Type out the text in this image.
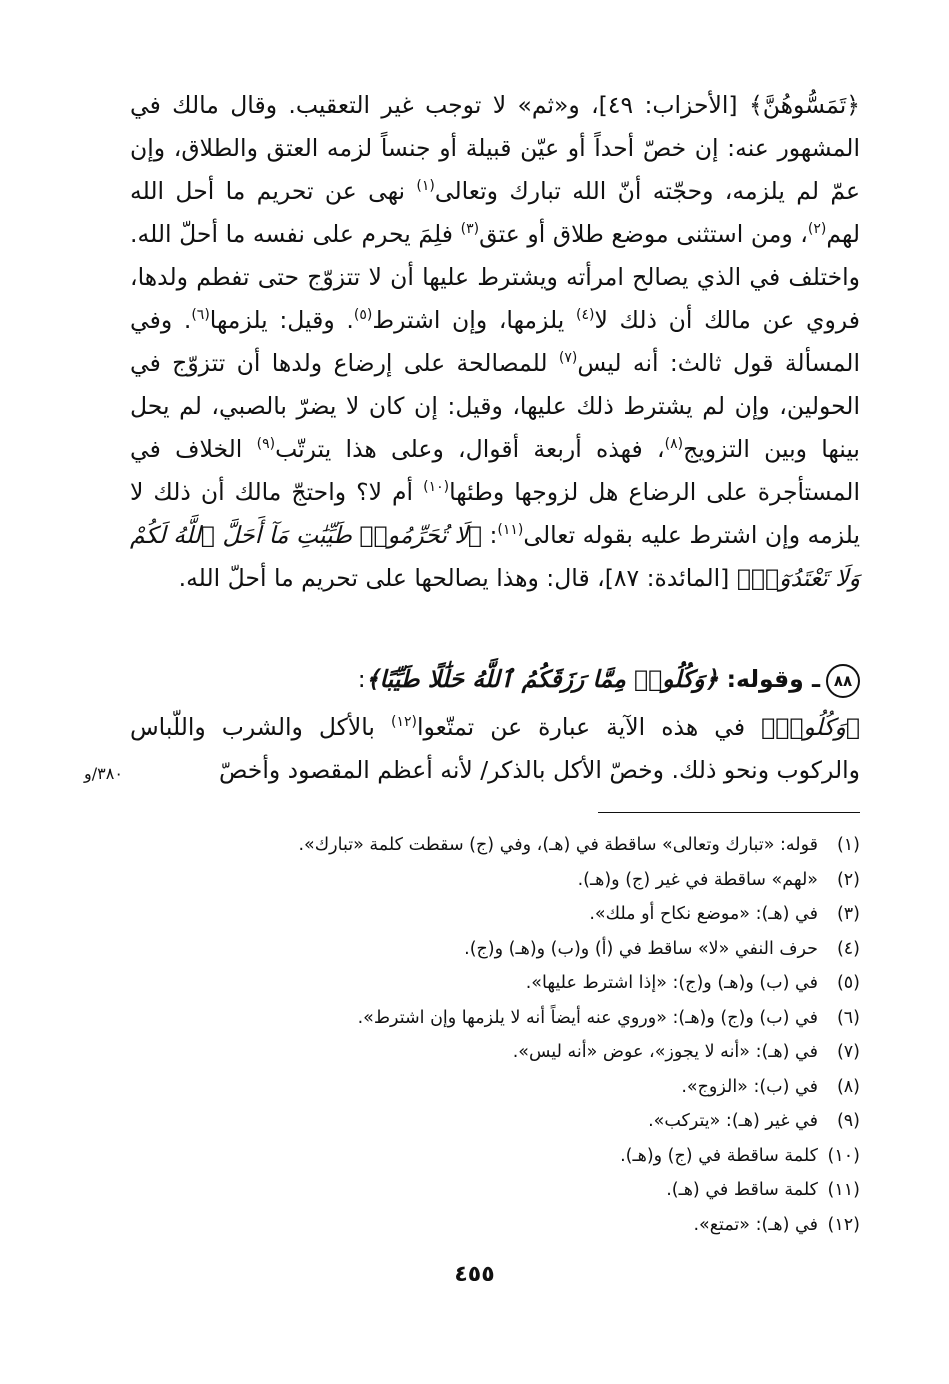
﴿تَمَسُّوهُنَّ﴾ [الأحزاب: ٤٩]، و«ثم» لا توجب غير التعقيب. وقال مالك في المشهور عنه: إن خصّ أحداً أو عيّن قبيلة أو جنساً لزمه العتق والطلاق، وإن عمّ لم يلزمه، وحجّته أنّ الله تبارك وتعالى$^{(١)}$ نهى عن تحريم ما أحل الله لهم$^{(٢)}$، ومن استثنى موضع طلاق أو عتق$^{(٣)}$ فلِمَ يحرم على نفسه ما أحلّ الله. واختلف في الذي يصالح امرأته ويشترط عليها أن لا تتزوّج حتى تفطم ولدها، فروي عن مالك أن ذلك لا$^{(٤)}$ يلزمها، وإن اشترط$^{(٥)}$. وقيل: يلزمها$^{(٦)}$. وفي المسألة قول ثالث: أنه ليس$^{(٧)}$ للمصالحة على إرضاع ولدها أن تتزوّج في الحولين، وإن لم يشترط ذلك عليها، وقيل: إن كان لا يضرّ بالصبي، لم يحل بينها وبين التزويج$^{(٨)}$، فهذه أربعة أقوال، وعلى هذا يترتّب$^{(٩)}$ الخلاف في المستأجرة على الرضاع هل لزوجها وطئها$^{(١٠)}$ أم لا؟ واحتجّ مالك أن ذلك لا يلزمه وإن اشترط عليه بقوله تعالى$^{(١١)}$: ﴿لَا تُحَرِّمُوا۟ طَيِّبَٰتِ مَآ أَحَلَّ ٱللَّهُ لَكُمْ وَلَا تَعْتَدُوٓا۟﴾ [المائدة: ٨٧]، قال: وهذا يصالحها على تحريم ما أحلّ الله.

٨٨ـ وقوله: ﴿وَكُلُوا۟ مِمَّا رَزَقَكُمُ ٱللَّهُ حَلَٰلًا طَيِّبًا﴾:
﴿وَكُلُوا۟﴾ في هذه الآية عبارة عن تمتّعوا$^{(١٢)}$ بالأكل والشرب واللّباس والركوب ونحو ذلك. وخصّ الأكل بالذكر/ لأنه أعظم المقصود وأخصّ
٣٨٠/و
(١)قوله: «تبارك وتعالى» ساقطة في (هـ)، وفي (ج) سقطت كلمة «تبارك».
(٢)«لهم» ساقطة في غير (ج) و(هـ).
(٣)في (هـ): «موضع نكاح أو ملك».
(٤)حرف النفي «لا» ساقط في (أ) و(ب) و(هـ) و(ج).
(٥)في (ب) و(هـ) و(ج): «إذا اشترط عليها».
(٦)في (ب) و(ج) و(هـ): «وروي عنه أيضاً أنه لا يلزمها وإن اشترط».
(٧)في (هـ): «أنه لا يجوز»، عوض «أنه ليس».
(٨)في (ب): «الزوج».
(٩)في غير (هـ): «يتركب».
(١٠)كلمة ساقطة في (ج) و(هـ).
(١١)كلمة ساقط في (هـ).
(١٢)في (هـ): «تمتع».
٤٥٥
